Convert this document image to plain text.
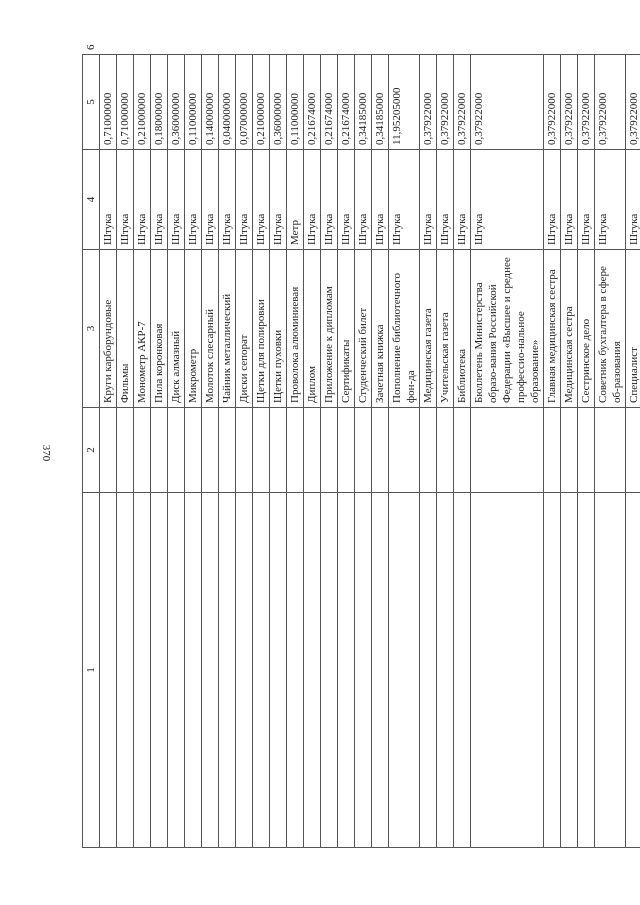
370
1	2	3	4	5	6
		Круги карборундовые	Штука	0,71000000	
		Фильмы	Штука	0,71000000	
		Монометр АКР-7	Штука	0,21000000	
		Пила коронковая	Штука	0,18000000	
		Диск алмазный	Штука	0,36000000	
		Микрометр	Штука	0,11000000	
		Молоток слесарный	Штука	0,14000000	
		Чайник металлический	Штука	0,04000000	
		Диски сепорат	Штука	0,07000000	
		Щетки для полировки	Штука	0,21000000	
		Щетки пуховки	Штука	0,36000000	
		Проволока алюминиевая	Метр	0,11000000	
		Диплом	Штука	0,21674000	
		Приложение к дипломам	Штука	0,21674000	
		Сертификаты	Штука	0,21674000	
		Студенческий билет	Штука	0,34185000	
		Зачетная книжка	Штука	0,34185000	
		Пополнение библиотечного фон-да	Штука	11,95205000	
		Медицинская газета	Штука	0,37922000	
		Учительская газета	Штука	0,37922000	
		Библиотека	Штука	0,37922000	
		Бюллетень Министерства образо-вания Российской Федерации «Высшее и среднее профессио-нальное образование»	Штука	0,37922000	
		Главная медицинская сестра	Штука	0,37922000	
		Медицинская сестра	Штука	0,37922000	
		Сестринское дело	Штука	0,37922000	
		Советник бухгалтера в сфере об-разования	Штука	0,37922000	
		Специалист	Штука	0,37922000	
